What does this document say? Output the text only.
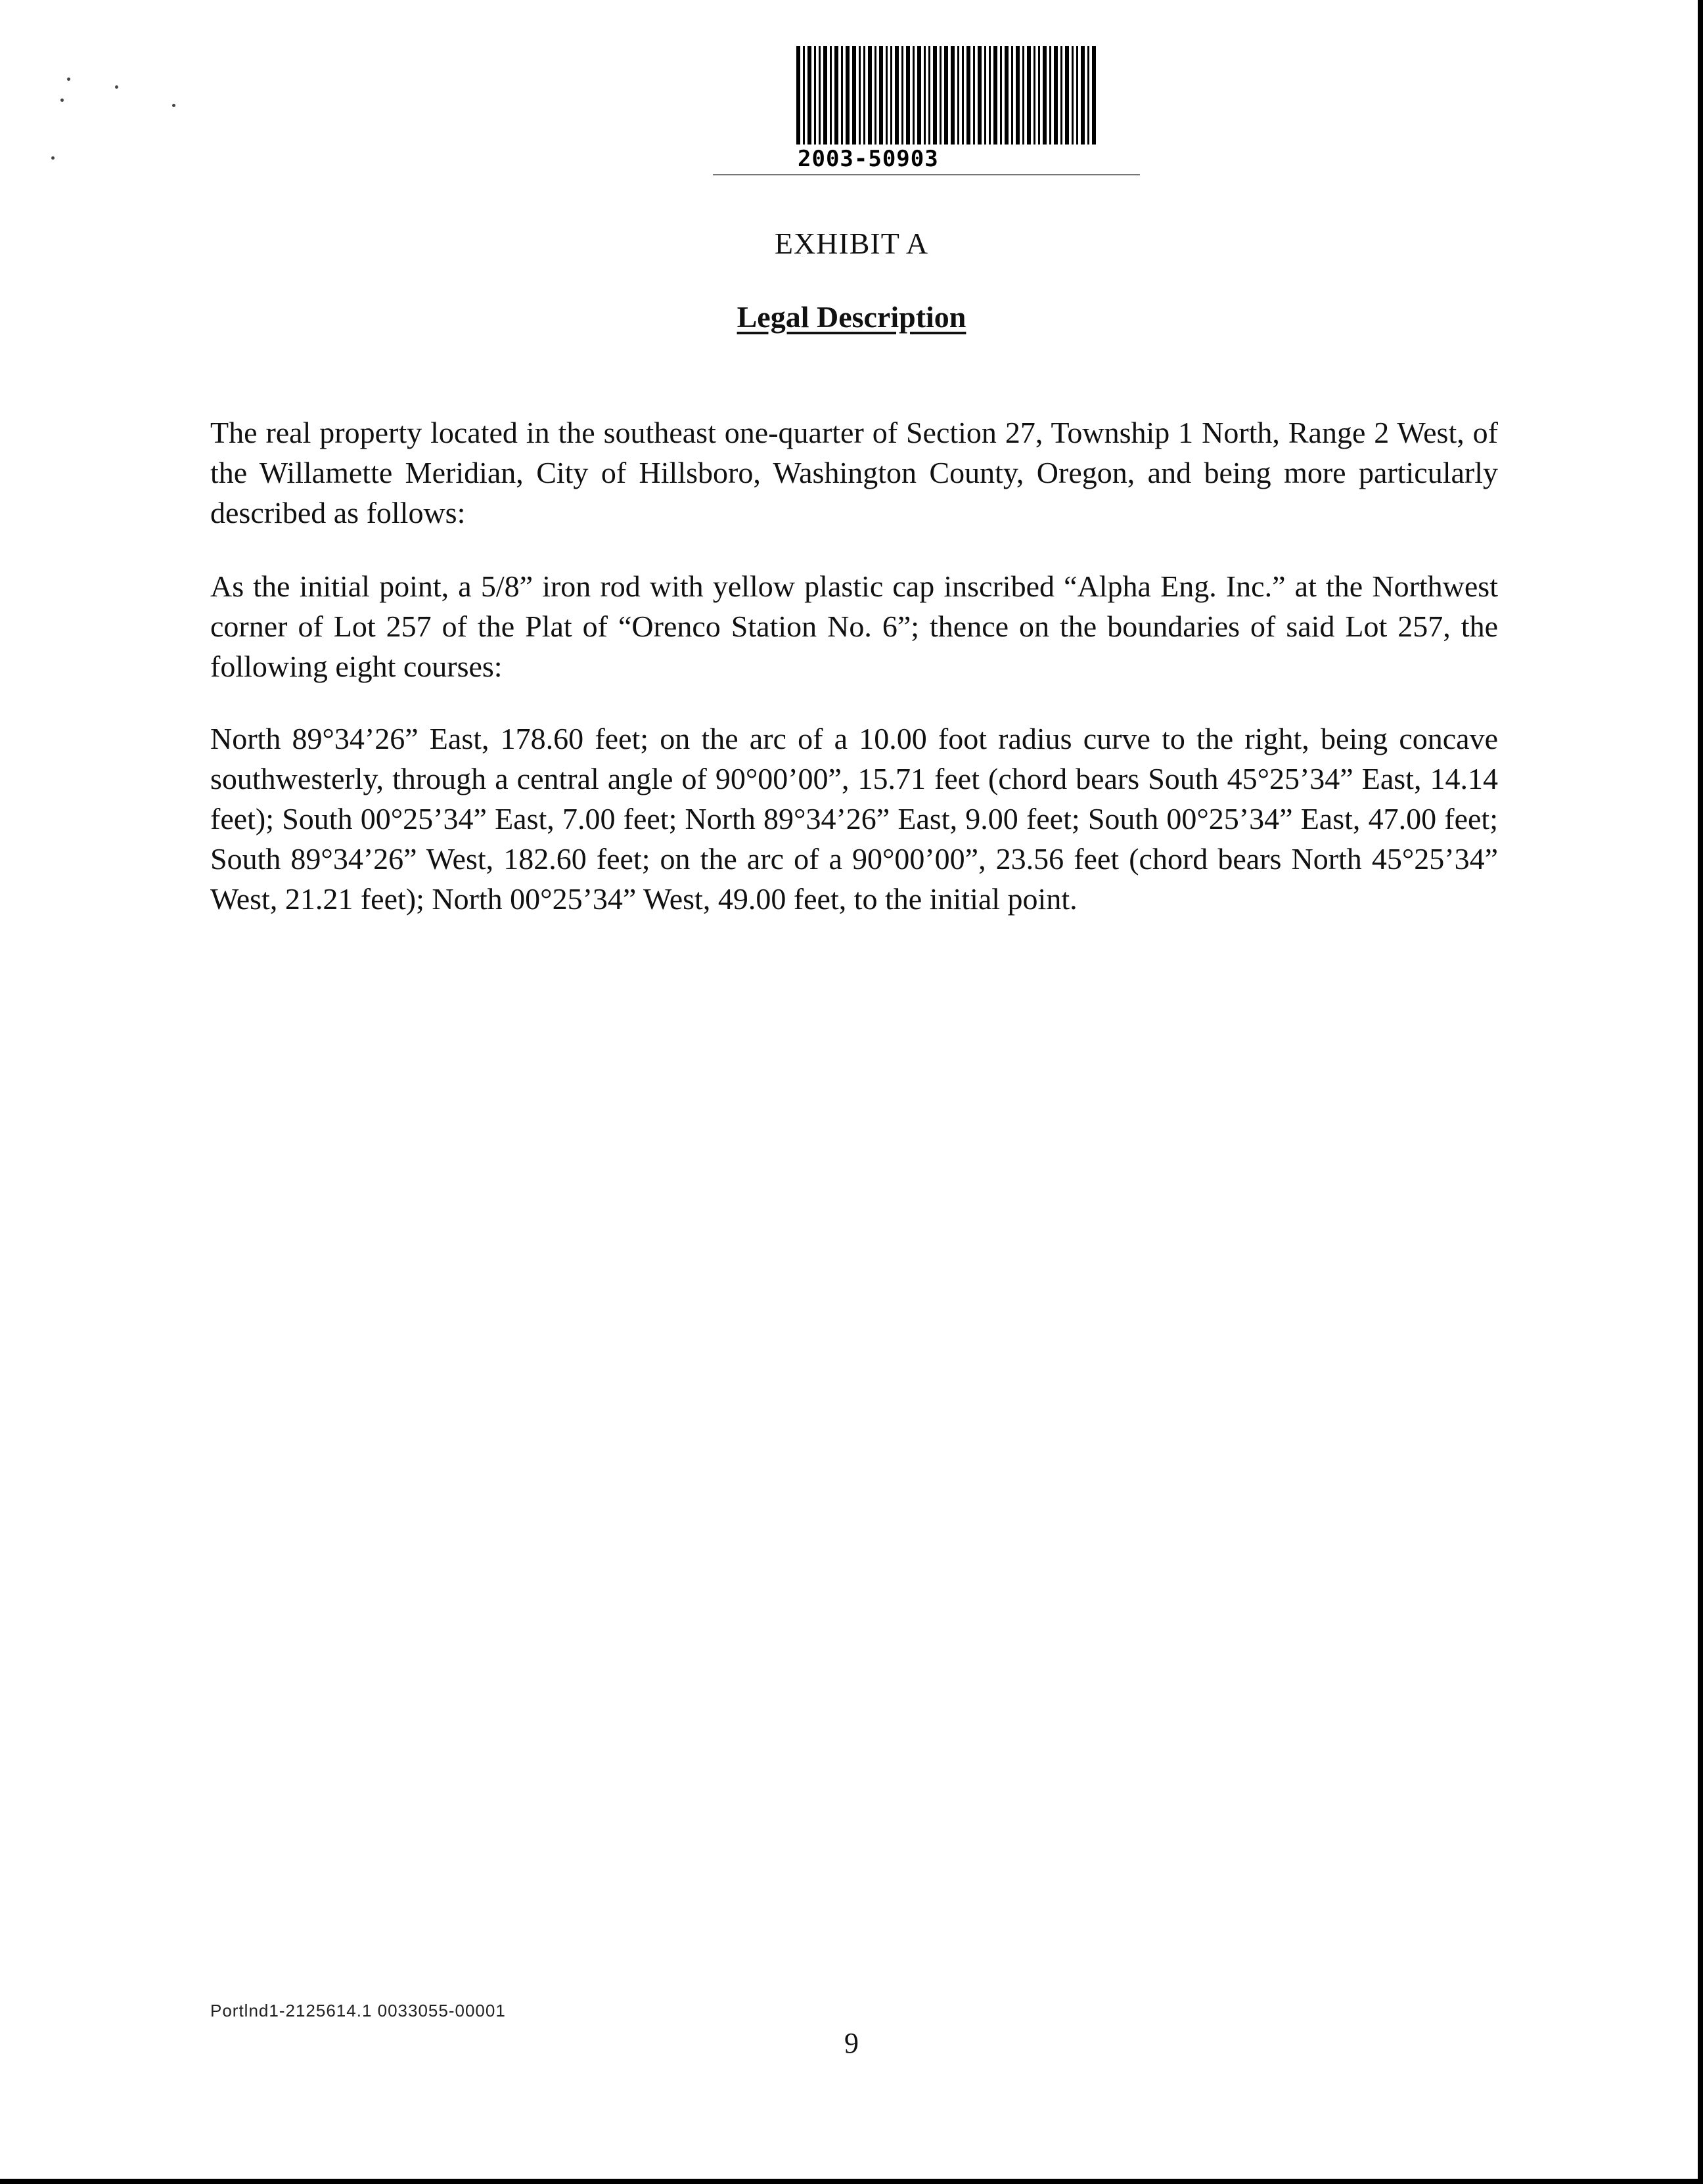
2003-50903
EXHIBIT A
Legal Description

The real property located in the southeast one-quarter of Section 27, Township 1 North, Range 2 West, of the Willamette Meridian, City of Hillsboro, Washington County, Oregon, and being more particularly described as follows:

As the initial point, a 5/8” iron rod with yellow plastic cap inscribed “Alpha Eng. Inc.” at the Northwest corner of Lot 257 of the Plat of “Orenco Station No. 6”; thence on the boundaries of said Lot 257, the following eight courses:

North 89°34’26” East, 178.60 feet; on the arc of a 10.00 foot radius curve to the right, being concave southwesterly, through a central angle of 90°00’00”, 15.71 feet (chord bears South 45°25’34” East, 14.14 feet); South 00°25’34” East, 7.00 feet; North 89°34’26” East, 9.00 feet; South 00°25’34” East, 47.00 feet; South 89°34’26” West, 182.60 feet; on the arc of a 90°00’00”, 23.56 feet (chord bears North 45°25’34” West, 21.21 feet); North 00°25’34” West, 49.00 feet, to the initial point.

Portlnd1-2125614.1 0033055-00001
9
